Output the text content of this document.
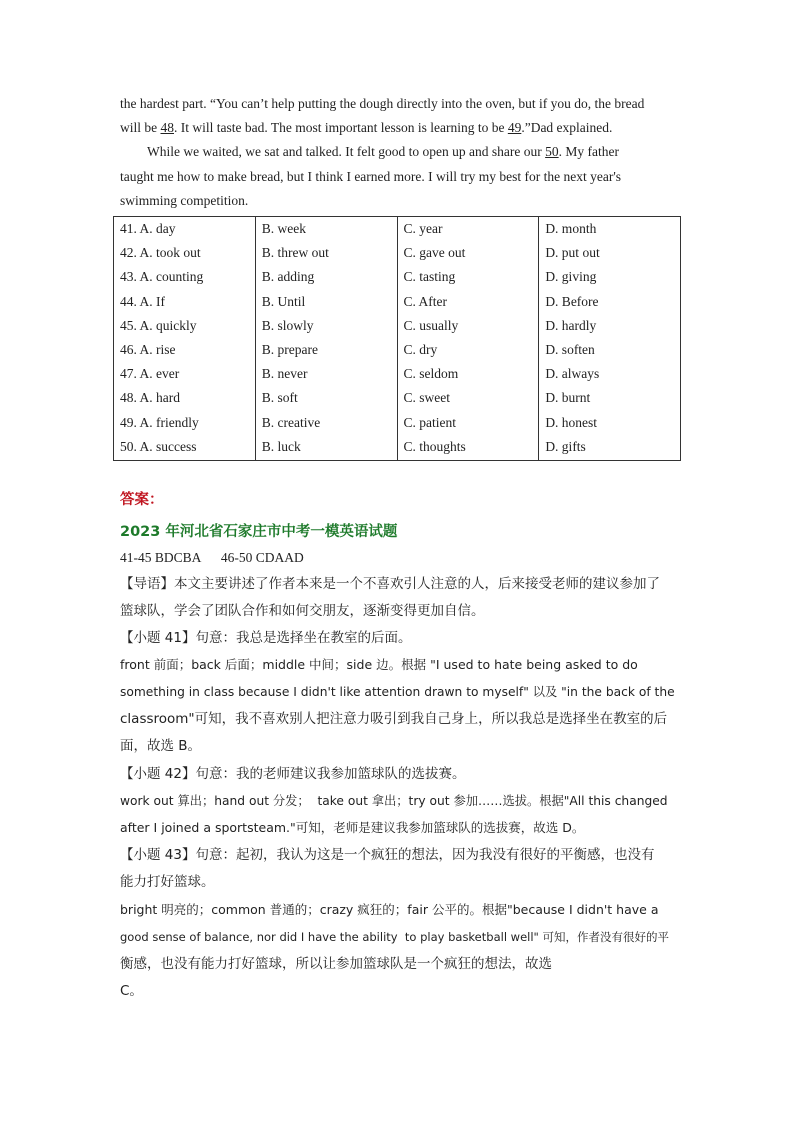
the hardest part. “You can’t help putting the dough directly into the oven, but if you do, the bread
will be 48. It will taste bad. The most important lesson is learning to be 49.”Dad explained.
While we waited, we sat and talked. It felt good to open up and share our 50. My father
taught me how to make bread, but I think I earned more. I will try my best for the next year's
swimming competition.
41. A. day	B. week	C. year	D. month
42. A. took out	B. threw out	C. gave out	D. put out
43. A. counting	B. adding	C. tasting	D. giving
44. A. If	B. Until	C. After	D. Before
45. A. quickly	B. slowly	C. usually	D. hardly
46. A. rise	B. prepare	C. dry	D. soften
47. A. ever	B. never	C. seldom	D. always
48. A. hard	B. soft	C. sweet	D. burnt
49. A. friendly	B. creative	C. patient	D. honest
50. A. success	B. luck	C. thoughts	D. gifts
答案：
2023 年河北省石家庄市中考一模英语试题
41-45 BDCBA      46-50 CDAAD
【导语】本文主要讲述了作者本来是一个不喜欢引人注意的人，后来接受老师的建议参加了
篮球队，学会了团队合作和如何交朋友，逐渐变得更加自信。
【小题 41】句意：我总是选择坐在教室的后面。
front 前面；back 后面；middle 中间；side 边。根据 "I used to hate being asked to do
something in class because I didn't like attention drawn to myself" 以及 "in the back of the
classroom"可知，我不喜欢别人把注意力吸引到我自己身上，所以我总是选择坐在教室的后
面，故选 B。
【小题 42】句意：我的老师建议我参加篮球队的选拔赛。
work out 算出；hand out 分发；  take out 拿出；try out 参加……选拔。根据"All this changed
after I joined a sportsteam."可知，老师是建议我参加篮球队的选拔赛，故选 D。
【小题 43】句意：起初，我认为这是一个疯狂的想法，因为我没有很好的平衡感，也没有
能力打好篮球。
bright 明亮的；common 普通的；crazy 疯狂的；fair 公平的。根据"because I didn't have a
good sense of balance, nor did I have the ability  to play basketball well" 可知，作者没有很好的平
衡感，也没有能力打好篮球，所以让参加篮球队是一个疯狂的想法，故选
C。
